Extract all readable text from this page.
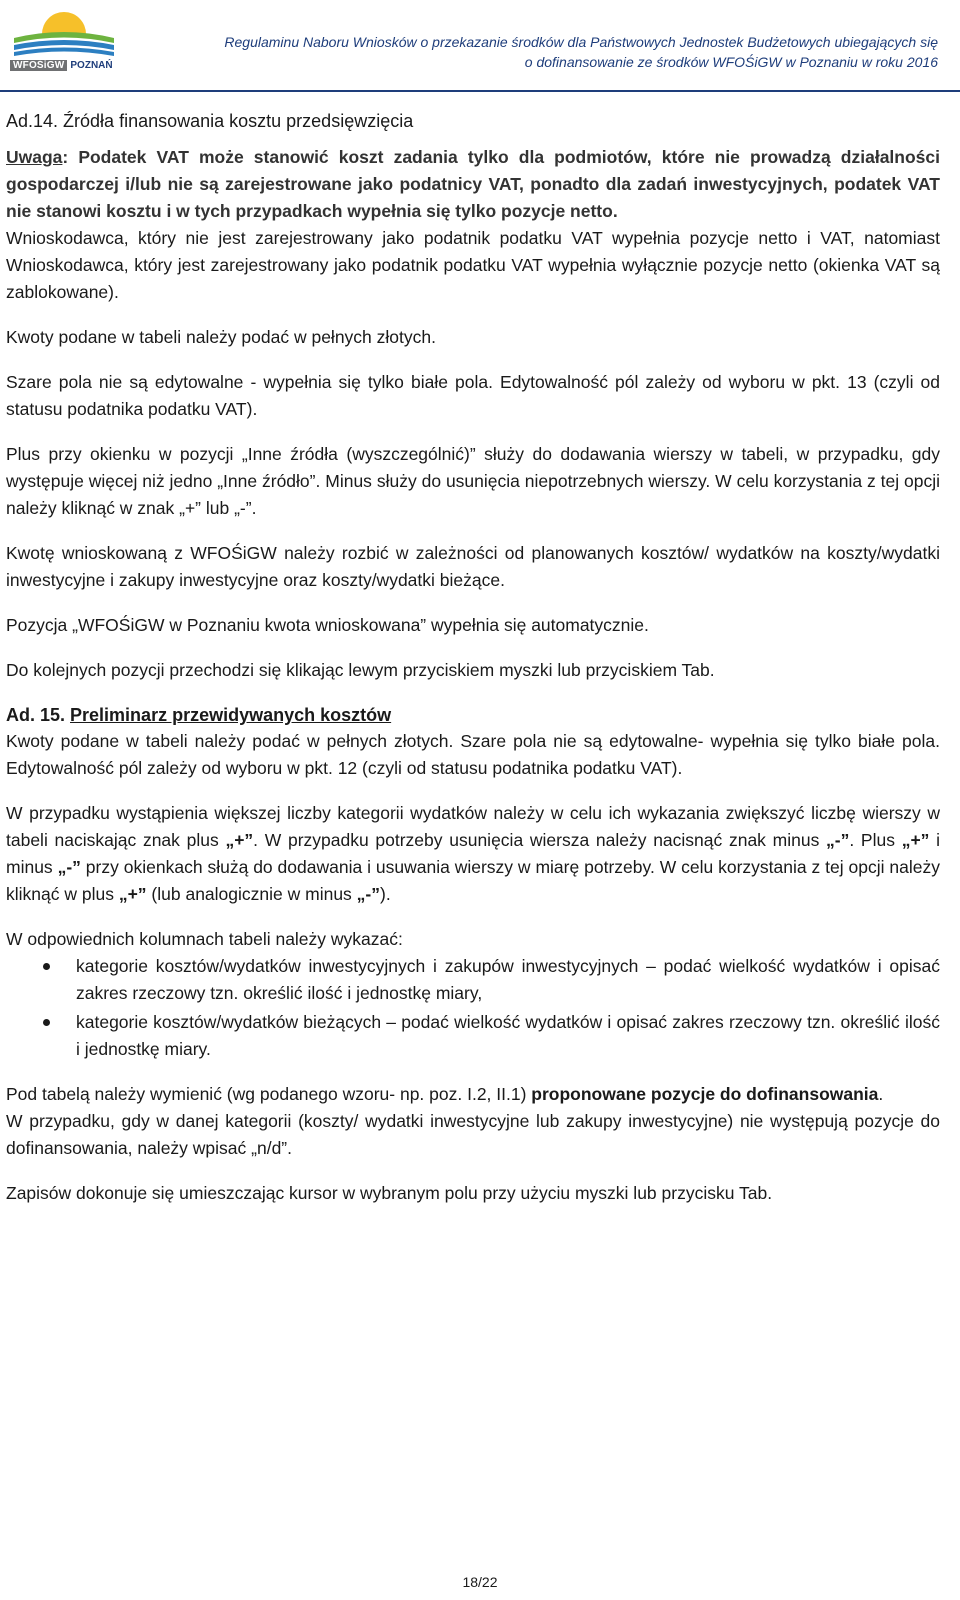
WFOŚiGW POZNAŃ
Regulaminu Naboru Wniosków o przekazanie środków dla Państwowych Jednostek Budżetowych ubiegających się
o dofinansowanie ze środków WFOŚiGW w Poznaniu w roku 2016
Ad.14. Źródła finansowania kosztu przedsięwzięcia

Uwaga: Podatek VAT może stanowić koszt zadania tylko dla podmiotów, które nie prowadzą działalności gospodarczej i/lub nie są zarejestrowane jako podatnicy VAT, ponadto dla zadań inwestycyjnych, podatek VAT nie stanowi kosztu i w tych przypadkach wypełnia się tylko pozycje netto.

Wnioskodawca, który nie jest zarejestrowany jako podatnik podatku VAT wypełnia pozycje netto i VAT, natomiast Wnioskodawca, który jest zarejestrowany jako podatnik podatku VAT wypełnia wyłącznie pozycje netto (okienka VAT są zablokowane).

Kwoty podane w tabeli należy podać w pełnych złotych.

Szare pola nie są edytowalne - wypełnia się tylko białe pola. Edytowalność pól zależy od wyboru w pkt. 13 (czyli od statusu podatnika podatku VAT).

Plus przy okienku w pozycji „Inne źródła (wyszczególnić)” służy do dodawania wierszy w tabeli, w przypadku, gdy występuje więcej niż jedno „Inne źródło”. Minus służy do usunięcia niepotrzebnych wierszy. W celu korzystania z tej opcji należy kliknąć w znak „+” lub „-”.

Kwotę wnioskowaną z WFOŚiGW należy rozbić w zależności od planowanych kosztów/ wydatków na koszty/wydatki inwestycyjne i zakupy inwestycyjne oraz koszty/wydatki bieżące.

Pozycja „WFOŚiGW w Poznaniu kwota wnioskowana” wypełnia się automatycznie.

Do kolejnych pozycji przechodzi się klikając lewym przyciskiem myszki lub przyciskiem Tab.

Ad. 15. Preliminarz przewidywanych kosztów

Kwoty podane w tabeli należy podać w pełnych złotych. Szare pola nie są edytowalne- wypełnia się tylko białe pola. Edytowalność pól zależy od wyboru w pkt. 12 (czyli od statusu podatnika podatku VAT).

W przypadku wystąpienia większej liczby kategorii wydatków należy w celu ich wykazania zwiększyć liczbę wierszy w tabeli naciskając znak plus „+”. W przypadku potrzeby usunięcia wiersza należy nacisnąć znak minus „-”. Plus „+” i minus „-” przy okienkach służą do dodawania i usuwania wierszy w miarę potrzeby. W celu korzystania z tej opcji należy kliknąć w plus „+” (lub analogicznie w minus „-”).

W odpowiednich kolumnach tabeli należy wykazać:

kategorie kosztów/wydatków inwestycyjnych i zakupów inwestycyjnych – podać wielkość wydatków i opisać zakres rzeczowy tzn. określić ilość i jednostkę miary,
kategorie kosztów/wydatków bieżących – podać wielkość wydatków i opisać zakres rzeczowy tzn. określić ilość i jednostkę miary.

Pod tabelą należy wymienić (wg podanego wzoru- np. poz. I.2, II.1) proponowane pozycje do dofinansowania.

W przypadku, gdy w danej kategorii (koszty/ wydatki inwestycyjne lub zakupy inwestycyjne) nie występują pozycje do dofinansowania, należy wpisać „n/d”.

Zapisów dokonuje się umieszczając kursor w wybranym polu przy użyciu myszki lub przycisku Tab.

18/22
